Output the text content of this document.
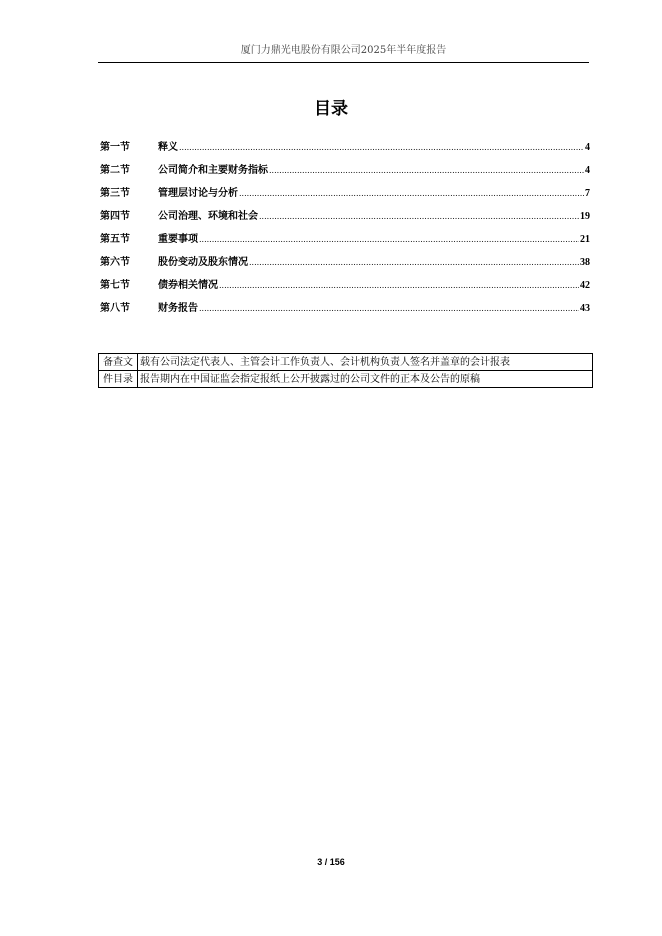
厦门力鼎光电股份有限公司2025年半年度报告
目录
第一节	释义 .....	4
第二节	公司简介和主要财务指标 .....	4
第三节	管理层讨论与分析 .....	7
第四节	公司治理、环境和社会 .....	19
第五节	重要事项 .....	21
第六节	股份变动及股东情况 .....	38
第七节	债券相关情况 .....	42
第八节	财务报告 .....	43
备查文	载有公司法定代表人、主管会计工作负责人、会计机构负责人签名并盖章的会计报表
件目录	报告期内在中国证监会指定报纸上公开披露过的公司文件的正本及公告的原稿
3 / 156
